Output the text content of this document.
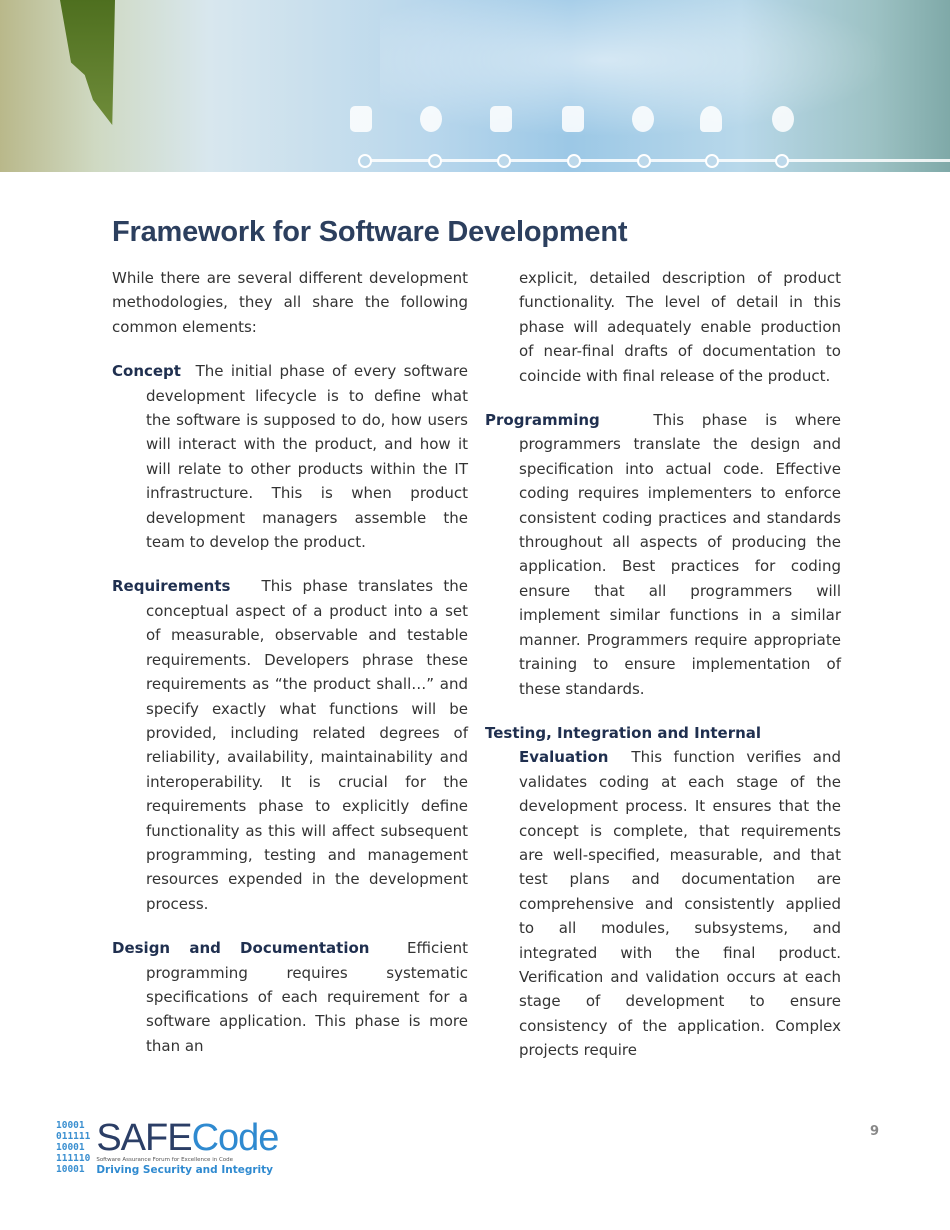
Framework for Software Development

While there are several different development methodologies, they all share the following common elements:

Concept The initial phase of every software development lifecycle is to define what the software is supposed to do, how users will interact with the product, and how it will relate to other products within the IT infrastructure. This is when product development managers assemble the team to develop the product.

Requirements This phase translates the conceptual aspect of a product into a set of measurable, observable and testable requirements. Developers phrase these requirements as “the product shall…” and specify exactly what functions will be provided, including related degrees of reliability, availability, maintainability and interoperability. It is crucial for the requirements phase to explicitly define functionality as this will affect subsequent programming, testing and management resources expended in the development process.

Design and Documentation	Efficient programming requires systematic specifications of each requirement for a software application. This phase is more than an

explicit, detailed description of product functionality. The level of detail in this phase will adequately enable production of near-final drafts of documentation to coincide with final release of the product.

Programming	This phase is where programmers translate the design and specification into actual code. Effective coding requires implementers to enforce consistent coding practices and standards throughout all aspects of producing the application. Best practices for coding ensure that all programmers will implement similar functions in a similar manner. Programmers require appropriate training to ensure implementation of these standards.

Testing, Integration and Internal

Evaluation This function verifies and validates coding at each stage of the development process. It ensures that the concept is complete, that requirements are well-specified, measurable, and that test plans and documentation are comprehensive and consistently applied to all modules, subsystems, and integrated with the final product. Verification and validation occurs at each stage of development to ensure consistency of the application. Complex projects require

10001
011111
10001
111110
10001
SAFECode
Software Assurance Forum for Excellence in Code
Driving Security and Integrity
9
